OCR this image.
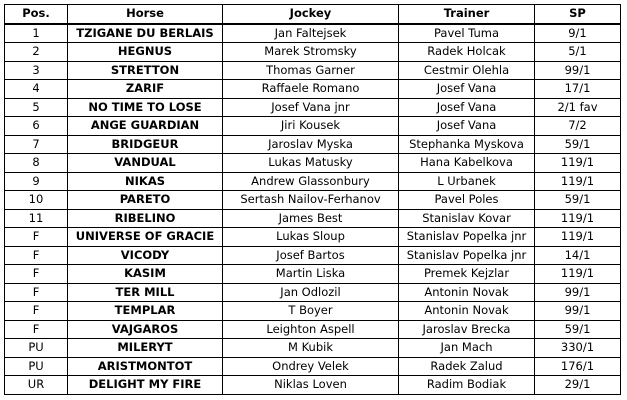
Pos.	Horse	Jockey	Trainer	SP
1	TZIGANE DU BERLAIS	Jan Faltejsek	Pavel Tuma	9/1
2	HEGNUS	Marek Stromsky	Radek Holcak	5/1
3	STRETTON	Thomas Garner	Cestmir Olehla	99/1
4	ZARIF	Raffaele Romano	Josef Vana	17/1
5	NO TIME TO LOSE	Josef Vana jnr	Josef Vana	2/1 fav
6	ANGE GUARDIAN	Jiri Kousek	Josef Vana	7/2
7	BRIDGEUR	Jaroslav Myska	Stephanka Myskova	59/1
8	VANDUAL	Lukas Matusky	Hana Kabelkova	119/1
9	NIKAS	Andrew Glassonbury	L Urbanek	119/1
10	PARETO	Sertash Nailov-Ferhanov	Pavel Poles	59/1
11	RIBELINO	James Best	Stanislav Kovar	119/1
F	UNIVERSE OF GRACIE	Lukas Sloup	Stanislav Popelka jnr	119/1
F	VICODY	Josef Bartos	Stanislav Popelka jnr	14/1
F	KASIM	Martin Liska	Premek Kejzlar	119/1
F	TER MILL	Jan Odlozil	Antonin Novak	99/1
F	TEMPLAR	T Boyer	Antonin Novak	99/1
F	VAJGAROS	Leighton Aspell	Jaroslav Brecka	59/1
PU	MILERYT	M Kubik	Jan Mach	330/1
PU	ARISTMONTOT	Ondrey Velek	Radek Zalud	176/1
UR	DELIGHT MY FIRE	Niklas Loven	Radim Bodiak	29/1
